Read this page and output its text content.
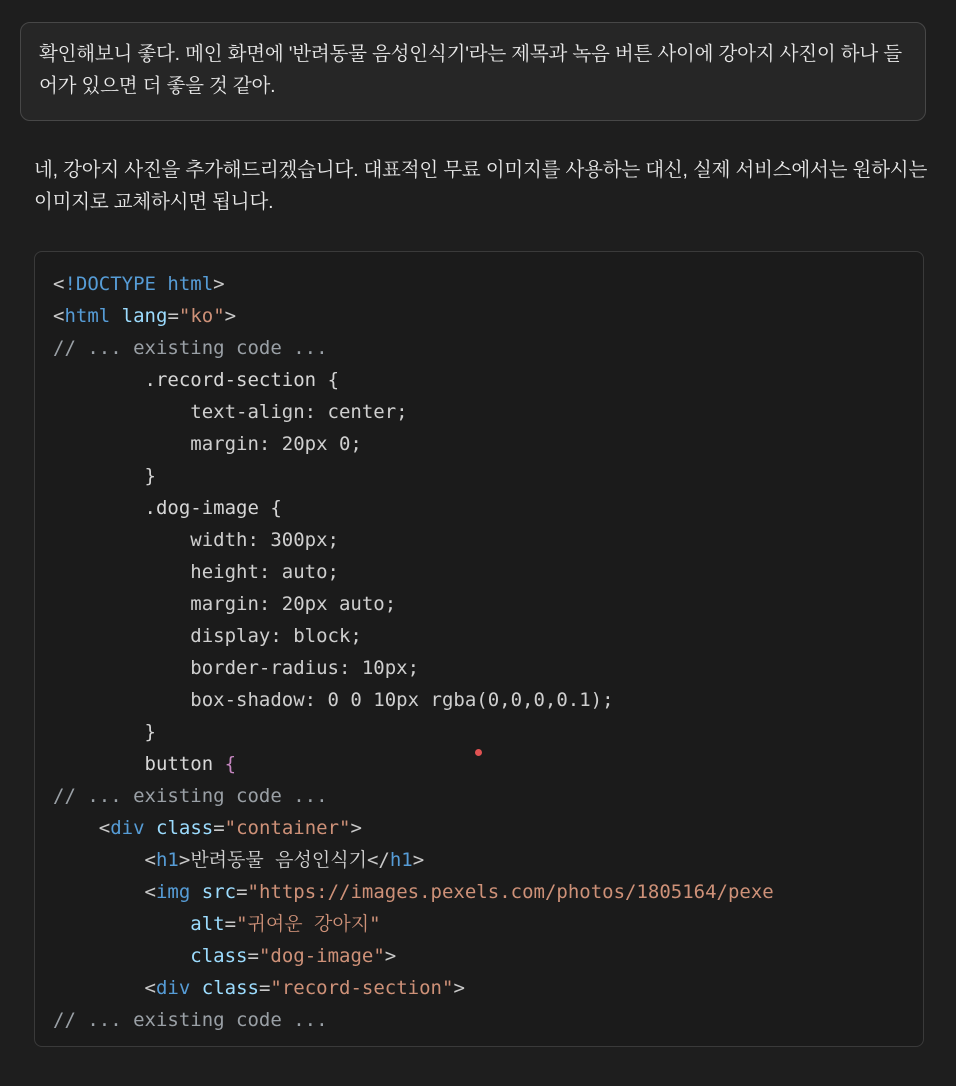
확인해보니 좋다. 메인 화면에 '반려동물 음성인식기'라는 제목과 녹음 버튼 사이에 강아지 사진이 하나 들어가 있으면 더 좋을 것 같아.

네, 강아지 사진을 추가해드리겠습니다. 대표적인 무료 이미지를 사용하는 대신, 실제 서비스에서는 원하시는 이미지로 교체하시면 됩니다.

<!DOCTYPE html>
<html lang="ko">
// ... existing code ...
.record-section {
text-align: center;
margin: 20px 0;
}
.dog-image {
width: 300px;
height: auto;
margin: 20px auto;
display: block;
border-radius: 10px;
box-shadow: 0 0 10px rgba(0,0,0,0.1);
}
button {
// ... existing code ...
<div class="container">
<h1>반려동물 음성인식기</h1>
<img src="https://images.pexels.com/photos/1805164/pexe
alt="귀여운 강아지"
class="dog-image">
<div class="record-section">
// ... existing code ...
